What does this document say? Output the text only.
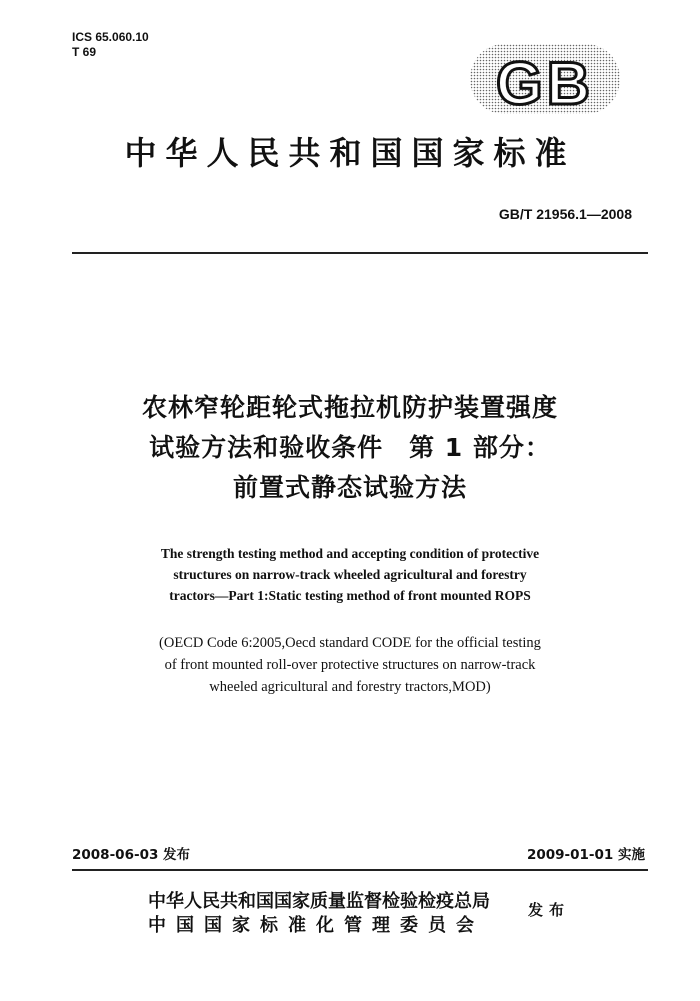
ICS 65.060.10
T 69	GB
中华人民共和国国家标准
GB/T 21956.1—2008
农林窄轮距轮式拖拉机防护装置强度
试验方法和验收条件　第 1 部分：
前置式静态试验方法
The strength testing method and accepting condition of protective
structures on narrow-track wheeled agricultural and forestry
tractors—Part 1:Static testing method of front mounted ROPS
(OECD Code 6:2005,Oecd standard CODE for the official testing
of front mounted roll-over protective structures on narrow-track
wheeled agricultural and forestry tractors,MOD)
2008-06-03 发布	2009-01-01 实施
中华人民共和国国家质量监督检验检疫总局
中国国家标准化管理委员会
发布
